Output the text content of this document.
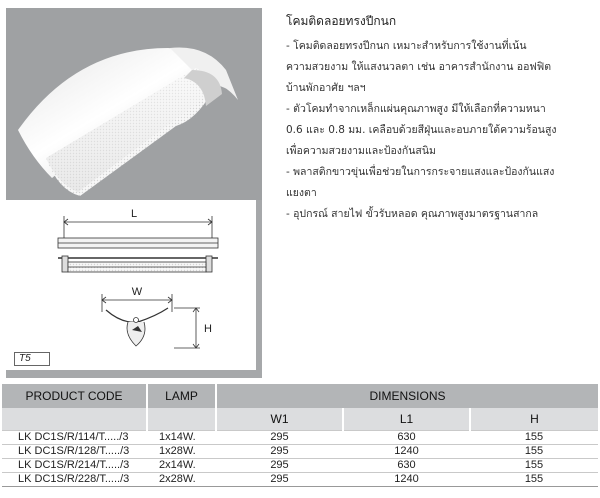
L
W
H
T5
โคมติดลอยทรงปีกนก
- โคมติดลอยทรงปีกนก เหมาะสำหรับการใช้งานที่เน้น
ความสวยงาม ให้แสงนวลตา เช่น อาคารสำนักงาน ออฟฟิต
บ้านพักอาศัย ฯลฯ
- ตัวโคมทำจากเหล็กแผ่นคุณภาพสูง มีให้เลือกที่ความหนา
0.6 และ 0.8 มม. เคลือบด้วยสีฝุ่นและอบภายใต้ความร้อนสูง
เพื่อความสวยงามและป้องกันสนิม
- พลาสติกขาวขุ่นเพื่อช่วยในการกระจายแสงและป้องกันแสง
แยงตา
- อุปกรณ์ สายไฟ ขั้วรับหลอด คุณภาพสูงมาตรฐานสากล
PRODUCT CODE	LAMP	DIMENSIONS		
		W1	L1	H
LK DC1S/R/114/T...../3	1x14W.	295	630	155
LK DC1S/R/128/T...../3	1x28W.	295	1240	155
LK DC1S/R/214/T...../3	2x14W.	295	630	155
LK DC1S/R/228/T...../3	2x28W.	295	1240	155
